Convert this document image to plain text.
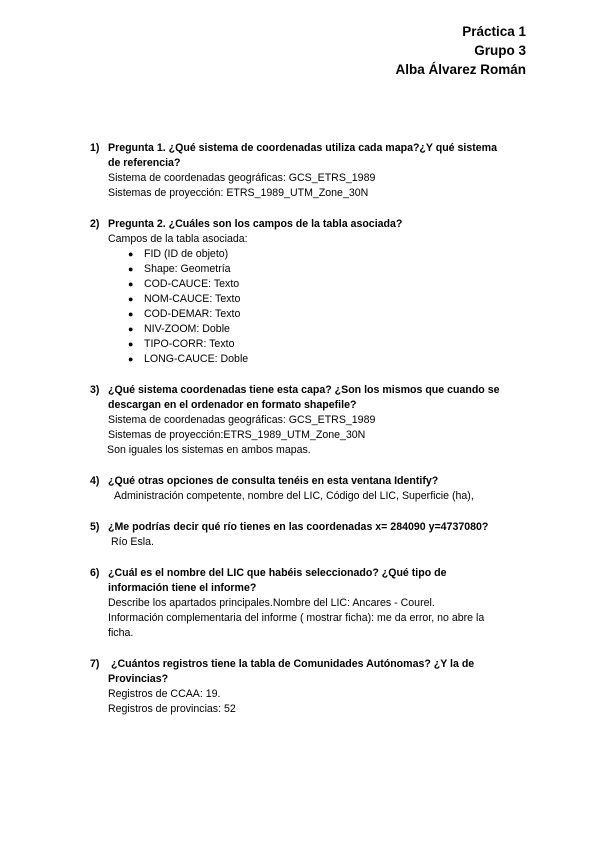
Práctica 1
Grupo 3
Alba Álvarez Román
1) Pregunta 1. ¿Qué sistema de coordenadas utiliza cada mapa?¿Y qué sistema
de referencia?
Sistema de coordenadas geográficas: GCS_ETRS_1989
Sistemas de proyección: ETRS_1989_UTM_Zone_30N
2) Pregunta 2. ¿Cuáles son los campos de la tabla asociada?
Campos de la tabla asociada:
● FID (ID de objeto)
● Shape: Geometría
● COD-CAUCE: Texto
● NOM-CAUCE: Texto
● COD-DEMAR: Texto
● NIV-ZOOM: Doble
● TIPO-CORR: Texto
● LONG-CAUCE: Doble
3) ¿Qué sistema coordenadas tiene esta capa? ¿Son los mismos que cuando se
descargan en el ordenador en formato shapefile?
Sistema de coordenadas geográficas: GCS_ETRS_1989
Sistemas de proyección:ETRS_1989_UTM_Zone_30N
Son iguales los sistemas en ambos mapas.
4) ¿Qué otras opciones de consulta tenéis en esta ventana Identify?
Administración competente, nombre del LIC, Código del LIC, Superficie (ha),
5) ¿Me podrías decir qué río tienes en las coordenadas x= 284090 y=4737080?
Río Esla.
6) ¿Cuál es el nombre del LIC que habéis seleccionado? ¿Qué tipo de
información tiene el informe?
Describe los apartados principales.Nombre del LIC: Ancares - Courel.
Información complementaria del informe ( mostrar ficha): me da error, no abre la
ficha.
7) ¿Cuántos registros tiene la tabla de Comunidades Autónomas? ¿Y la de
Provincias?
Registros de CCAA: 19.
Registros de provincias: 52
